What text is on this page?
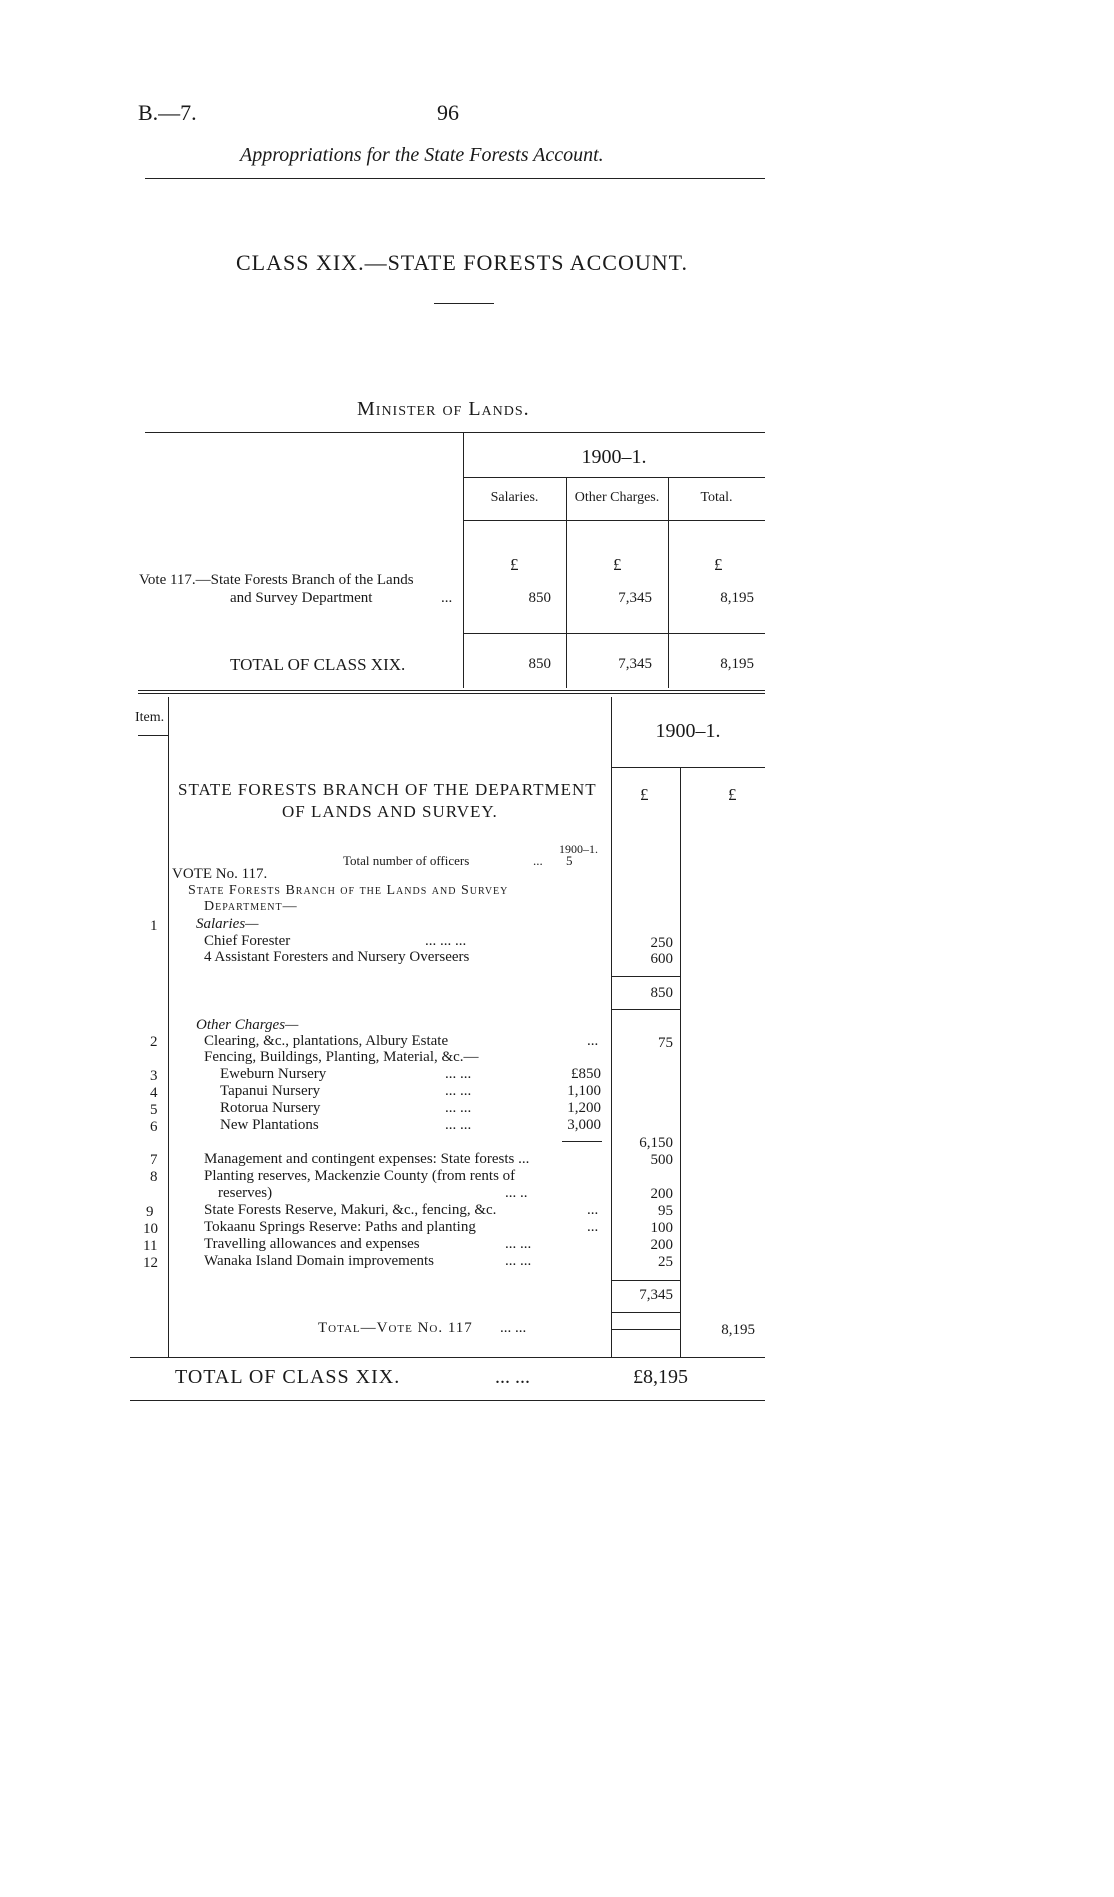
B.—7.	96
Appropriations for the State Forests Account.
CLASS XIX.—STATE FORESTS ACCOUNT.
Minister of Lands.
1900–1.
Salaries.	Other Charges.	Total.
£	£	£
Vote 117.—State Forests Branch of the Lands
and Survey Department	...	850	7,345	8,195
TOTAL OF CLASS XIX.	850	7,345	8,195
Item.
1900–1.
£	£
STATE FORESTS BRANCH OF THE DEPARTMENT
OF LANDS AND SURVEY.
1900–1.
Total number of officers	... 5
VOTE No. 117.
State Forests Branch of the Lands and Survey
Department—
Salaries—
1
Chief Forester	... ... ...	250
4 Assistant Foresters and Nursery Overseers	600
850
Other Charges—
2	Clearing, &c., plantations, Albury Estate	...	75
Fencing, Buildings, Planting, Material, &c.—
3	Eweburn Nursery	... ...	£850
4	Tapanui Nursery	... ...	1,100
5	Rotorua Nursery	... ...	1,200
6	New Plantations	... ...	3,000
6,150
7	Management and contingent expenses: State forests ...	500
8	Planting reserves, Mackenzie County (from rents of
reserves)	... ..	200
9	State Forests Reserve, Makuri, &c., fencing, &c.	...	95
10	Tokaanu Springs Reserve: Paths and planting	...	100
11	Travelling allowances and expenses	... ...	200
12	Wanaka Island Domain improvements	... ...	25
7,345
Total—Vote No. 117 ... ...	8,195
TOTAL OF CLASS XIX.	... ...	£8,195
